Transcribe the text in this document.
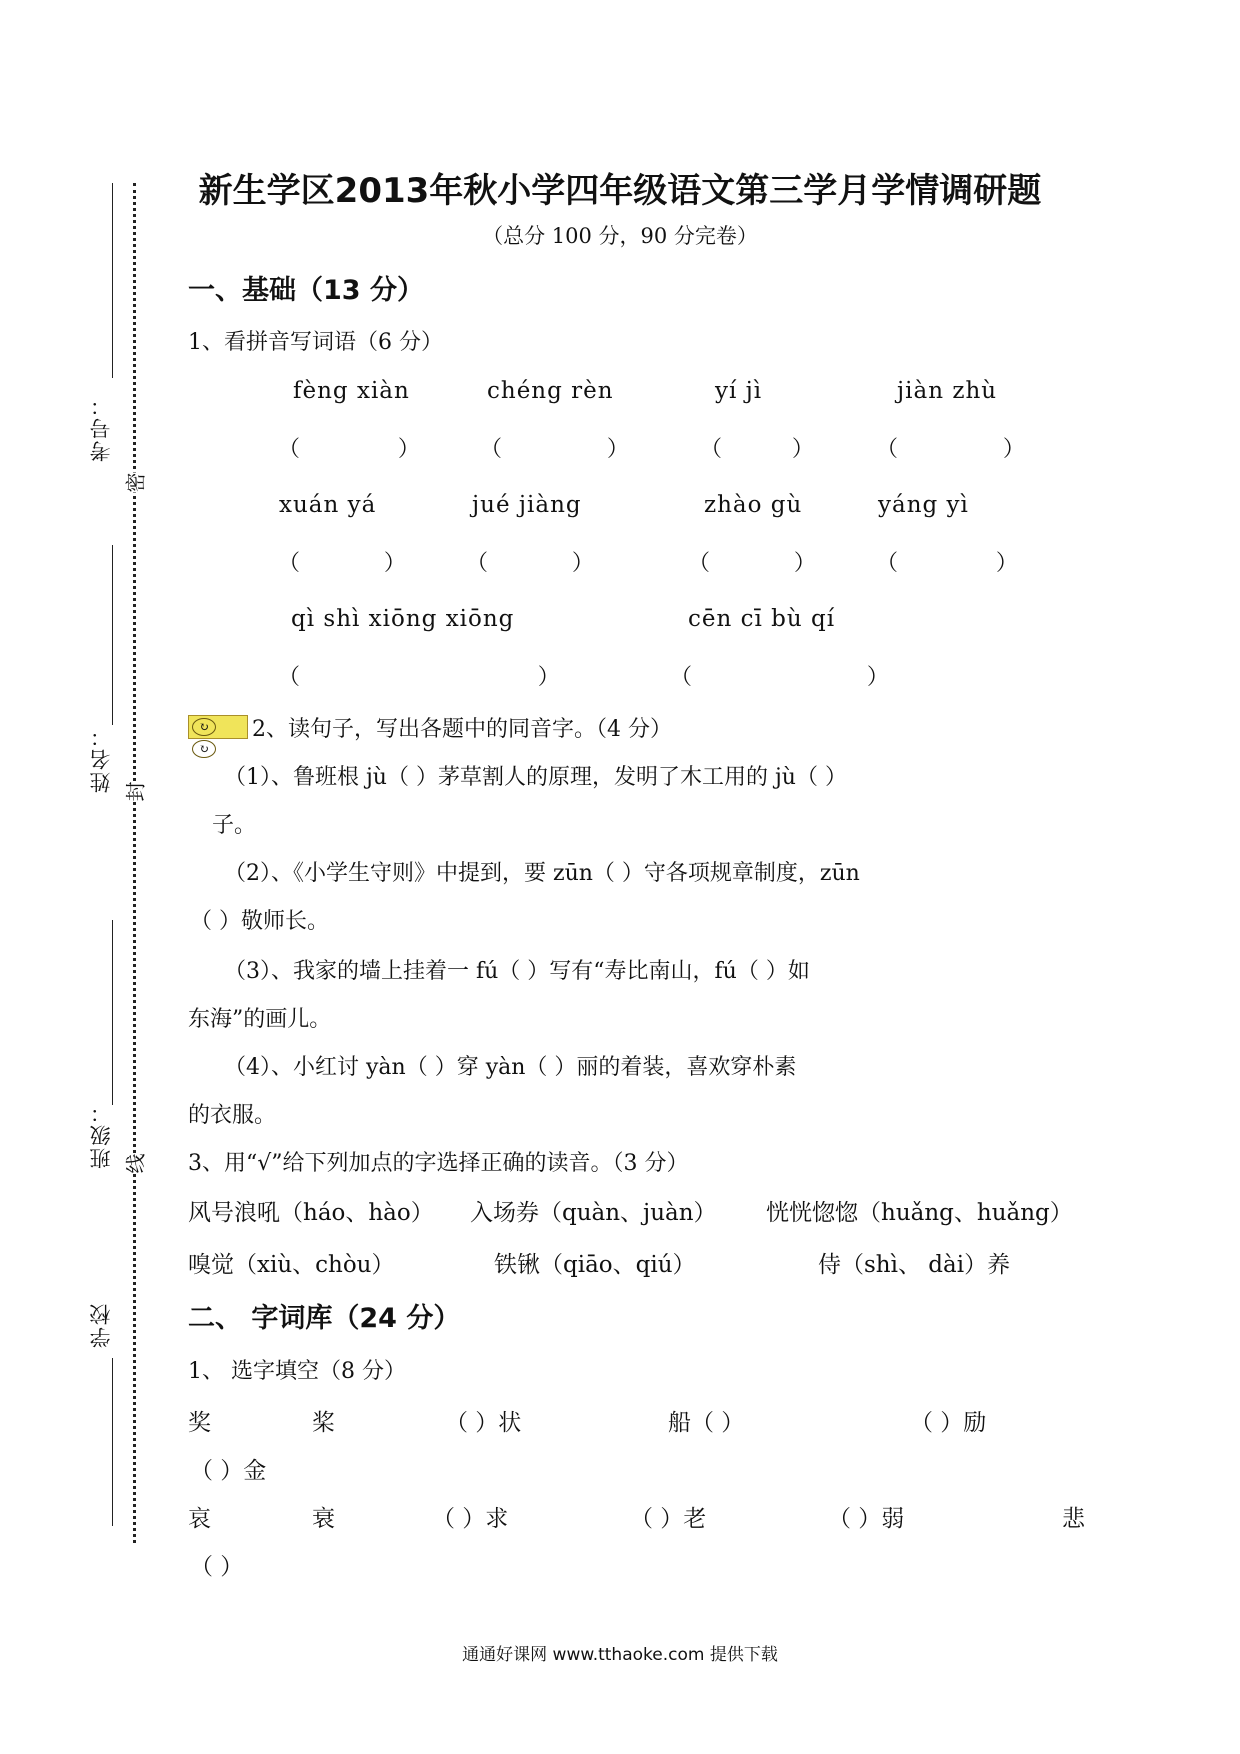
考号：
姓名：
班级：
学校
密
封
线
新生学区2013年秋小学四年级语文第三学月学情调研题
（总分 100 分，90 分完卷）
一、基础（13 分）
1、看拼音写词语（6 分）
fèng xiàn	chéng rèn	yí jì	jiàn zhù
（              ）	（               ）	（          ）	（               ）
xuán yá	jué jiàng	zhào gù	yáng yì
（            ）	（            ）	（            ）	（              ）
qì shì xiōng xiōng	cēn cī bù qí
（                                  ）	（                         ）
↻↻
2、读句子，写出各题中的同音字。（4 分）
（1）、鲁班根 jù（ ）茅草割人的原理，发明了木工用的 jù（ ）
子。
（2）、《小学生守则》中提到，要 zūn（ ）守各项规章制度，zūn
（ ）敬师长。
（3）、我家的墙上挂着一 fú（ ）写有“寿比南山，fú（ ）如
东海”的画儿。
（4）、小红讨 yàn（ ）穿 yàn（ ）丽的着装，喜欢穿朴素
的衣服。
3、用“√”给下列加点的字选择正确的读音。（3 分）
风号浪吼（háo、hào） 入场券（quàn、juàn） 恍恍惚惚（huǎng、huǎng）
嗅觉（xiù、chòu）	铁锹（qiāo、qiú）	侍（shì、 dài）养
二、 字词库（24 分）
1、 选字填空（8 分）
奖	桨	（ ）状	船（ ）	（ ）励
（ ）金
哀	衰	（ ）求	（ ）老	（ ）弱	悲
（ ）
通通好课网 www.tthaoke.com 提供下载
